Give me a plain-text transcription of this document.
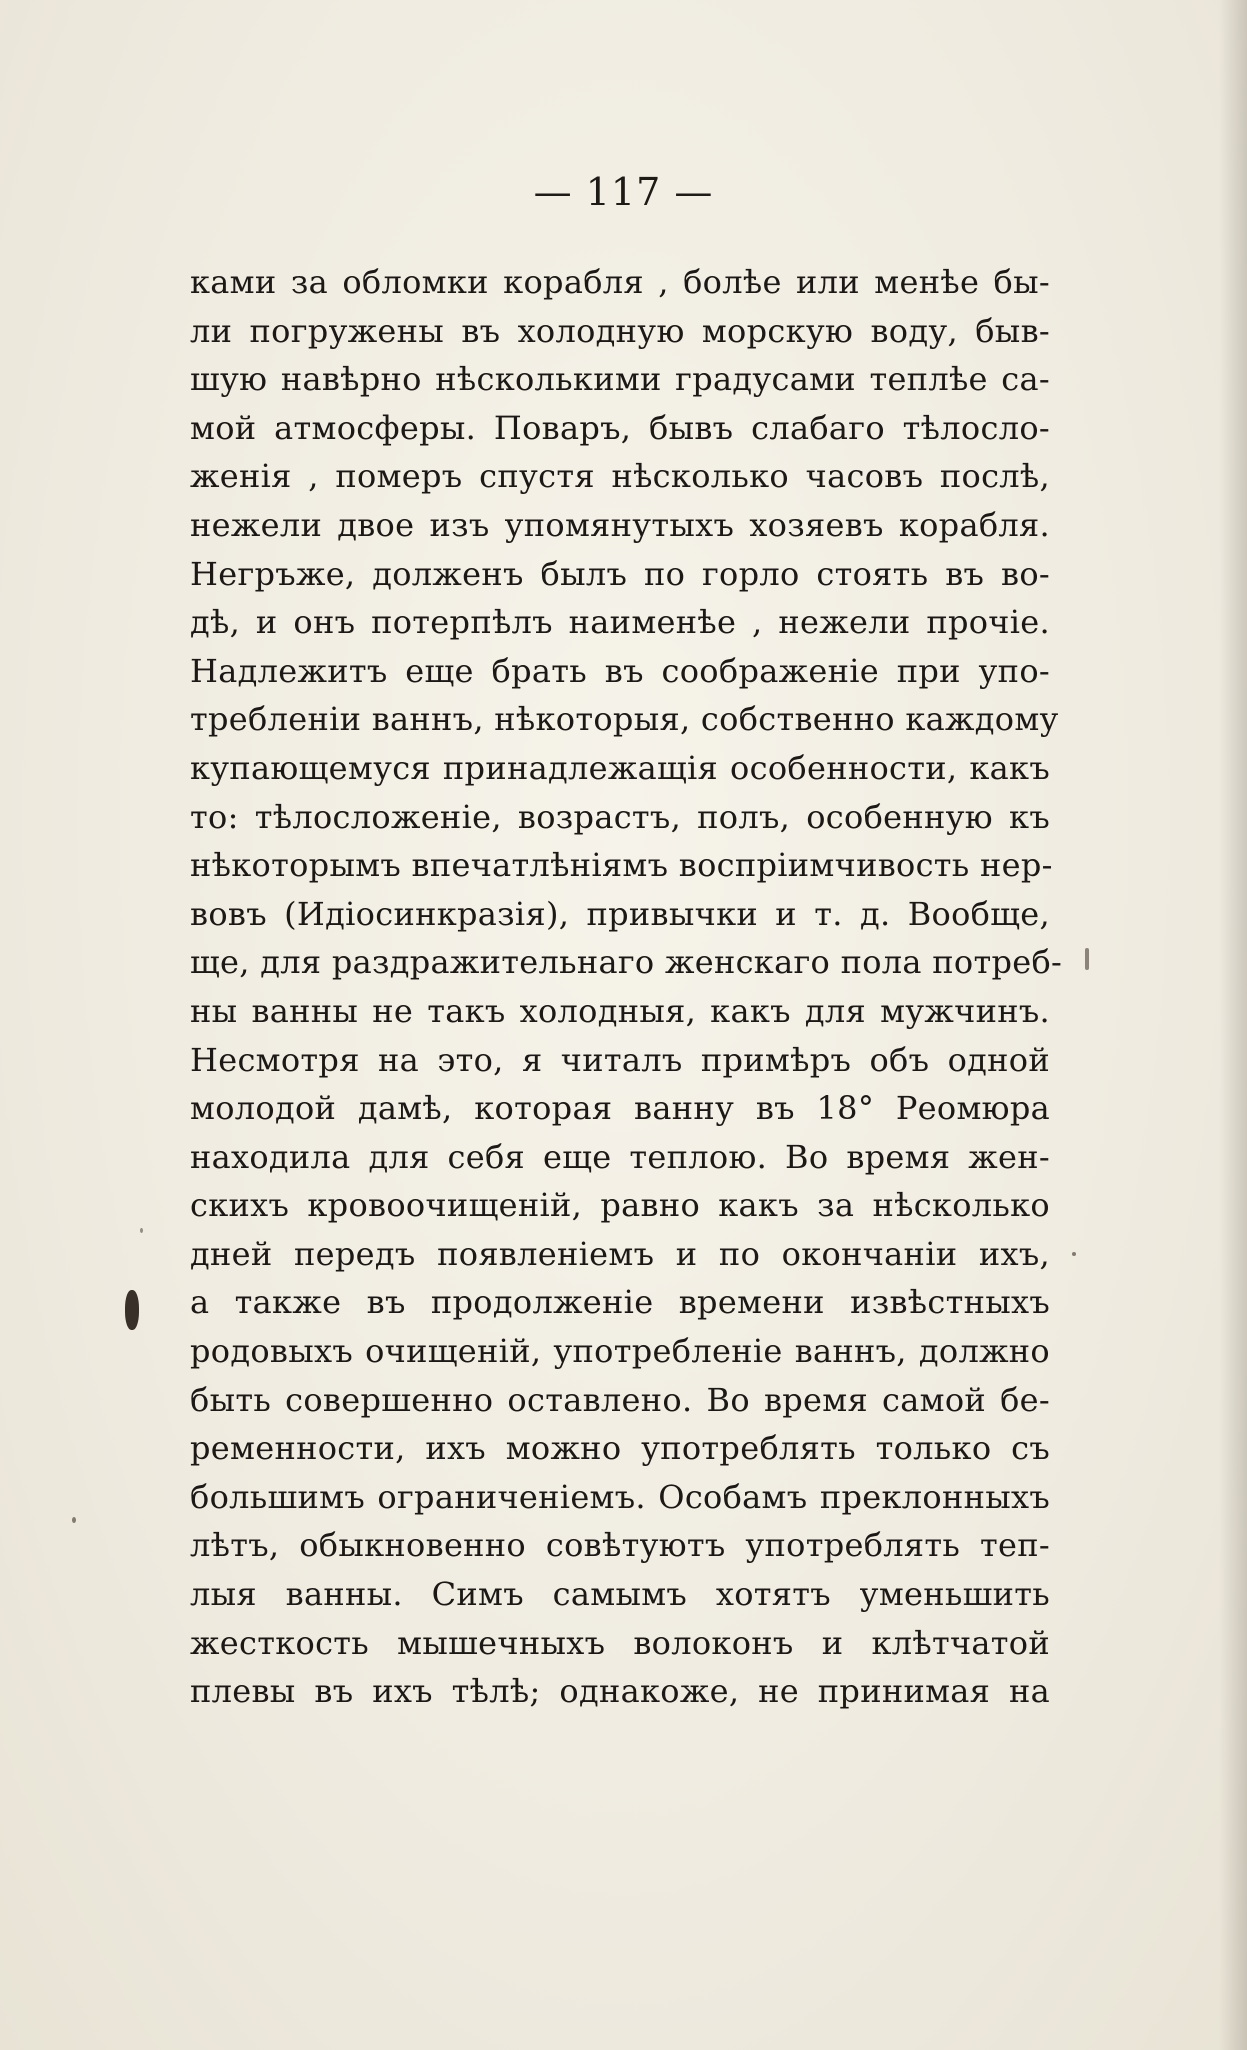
— 117 —
ками за обломки корабля , болѣе или менѣе бы-
ли погружены въ холодную морскую воду, быв-
шую навѣрно нѣсколькими градусами теплѣе са-
мой атмосферы. Поваръ, бывъ слабаго тѣлосло-
женія , померъ спустя нѣсколько часовъ послѣ,
нежели двое изъ упомянутыхъ хозяевъ корабля.
Негръже, долженъ былъ по горло стоять въ во-
дѣ, и онъ потерпѣлъ наименѣе , нежели прочіе.
Надлежитъ еще брать въ соображеніе при упо-
требленіи ваннъ, нѣкоторыя, собственно каждому
купающемуся принадлежащія особенности, какъ
то: тѣлосложеніе, возрастъ, полъ, особенную къ
нѣкоторымъ впечатлѣніямъ воспріимчивость нер-
вовъ (Идіосинкразія), привычки и т. д. Вообще,
ще, для раздражительнаго женскаго пола потреб-
ны ванны не такъ холодныя, какъ для мужчинъ.
Несмотря на это, я читалъ примѣръ объ одной
молодой дамѣ, которая ванну въ 18° Реомюра
находила для себя еще теплою. Во время жен-
скихъ кровоочищеній, равно какъ за нѣсколько
дней передъ появленіемъ и по окончаніи ихъ,
а также въ продолженіе времени извѣстныхъ
родовыхъ очищеній, употребленіе ваннъ, должно
быть совершенно оставлено. Во время самой бе-
ременности, ихъ можно употреблять только съ
большимъ ограниченіемъ. Особамъ преклонныхъ
лѣтъ, обыкновенно совѣтуютъ употреблять теп-
лыя ванны. Симъ самымъ хотятъ уменьшить
жесткость мышечныхъ волоконъ и клѣтчатой
плевы въ ихъ тѣлѣ; однакоже, не принимая на
